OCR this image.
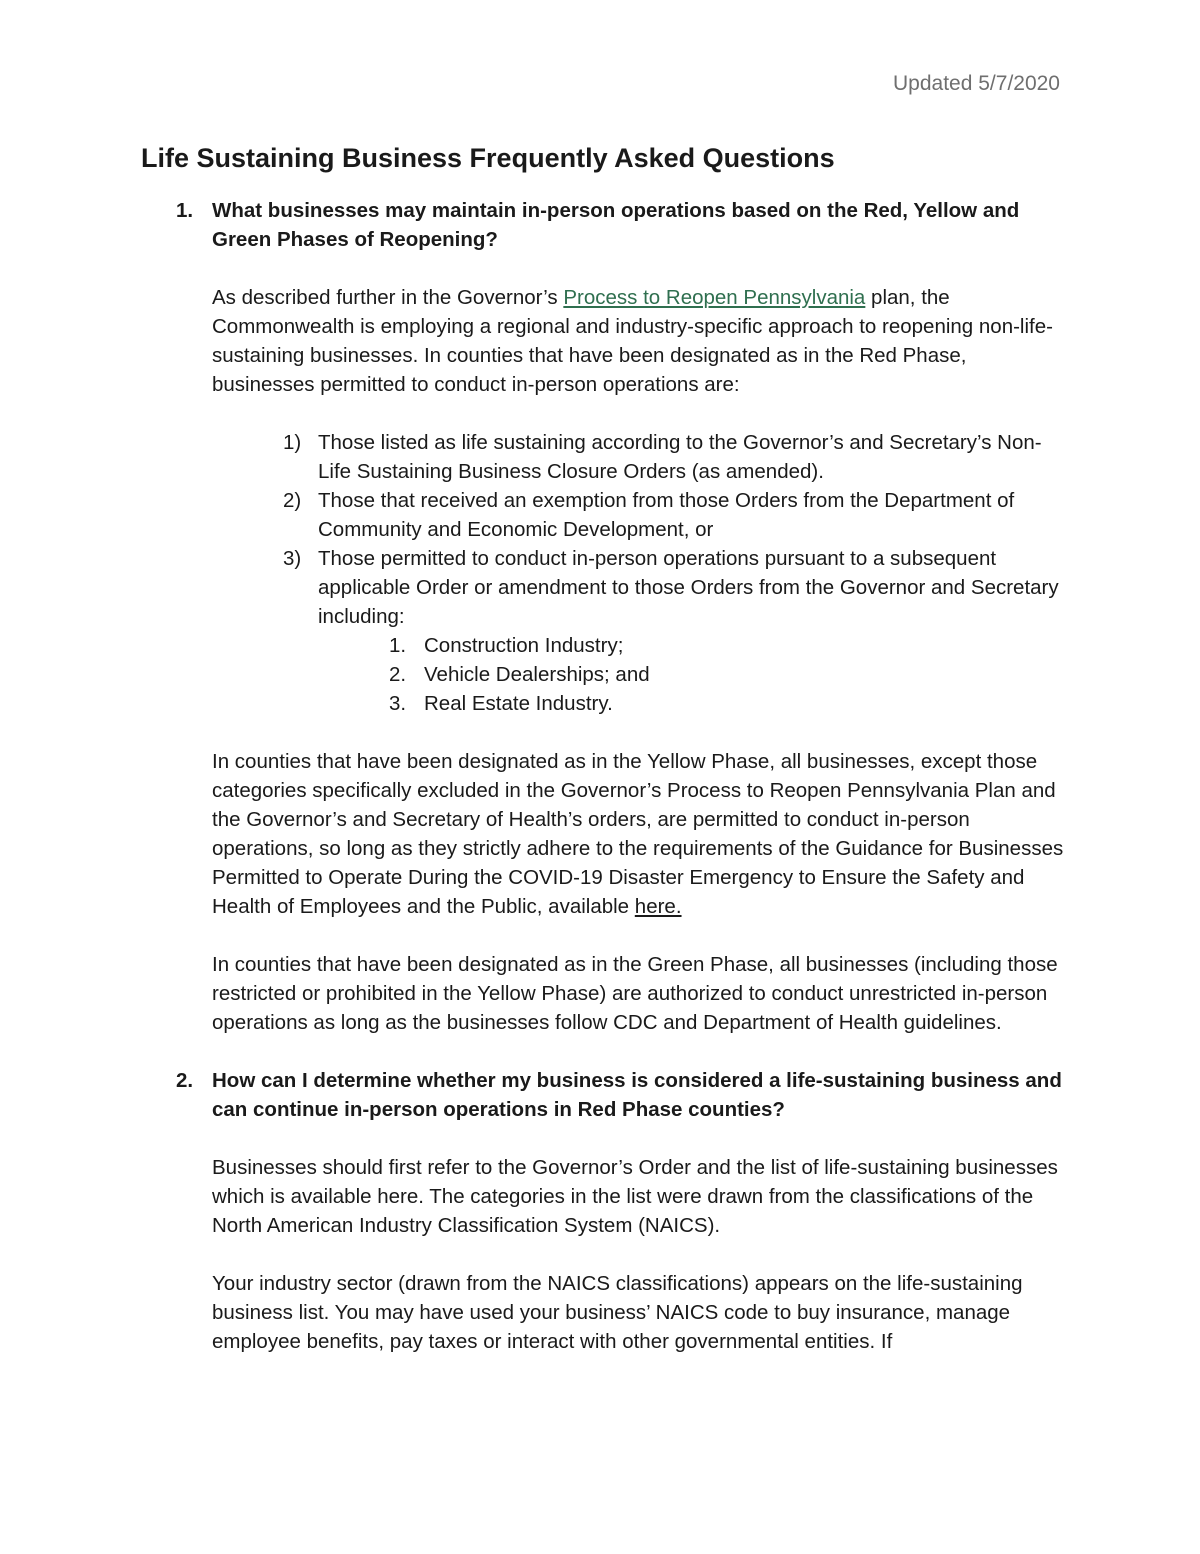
Updated 5/7/2020
Life Sustaining Business Frequently Asked Questions
1. What businesses may maintain in-person operations based on the Red, Yellow and Green Phases of Reopening?
As described further in the Governor’s Process to Reopen Pennsylvania plan, the Commonwealth is employing a regional and industry-specific approach to reopening non-life-sustaining businesses. In counties that have been designated as in the Red Phase, businesses permitted to conduct in-person operations are:
1) Those listed as life sustaining according to the Governor’s and Secretary’s Non-Life Sustaining Business Closure Orders (as amended).
2) Those that received an exemption from those Orders from the Department of Community and Economic Development, or
3) Those permitted to conduct in-person operations pursuant to a subsequent applicable Order or amendment to those Orders from the Governor and Secretary including:
1. Construction Industry;
2. Vehicle Dealerships; and
3. Real Estate Industry.
In counties that have been designated as in the Yellow Phase, all businesses, except those categories specifically excluded in the Governor’s Process to Reopen Pennsylvania Plan and the Governor’s and Secretary of Health’s orders, are permitted to conduct in-person operations, so long as they strictly adhere to the requirements of the Guidance for Businesses Permitted to Operate During the COVID-19 Disaster Emergency to Ensure the Safety and Health of Employees and the Public, available here.
In counties that have been designated as in the Green Phase, all businesses (including those restricted or prohibited in the Yellow Phase) are authorized to conduct unrestricted in-person operations as long as the businesses follow CDC and Department of Health guidelines.
2. How can I determine whether my business is considered a life-sustaining business and can continue in-person operations in Red Phase counties?
Businesses should first refer to the Governor’s Order and the list of life-sustaining businesses which is available here. The categories in the list were drawn from the classifications of the North American Industry Classification System (NAICS).
Your industry sector (drawn from the NAICS classifications) appears on the life-sustaining business list. You may have used your business’ NAICS code to buy insurance, manage employee benefits, pay taxes or interact with other governmental entities. If
